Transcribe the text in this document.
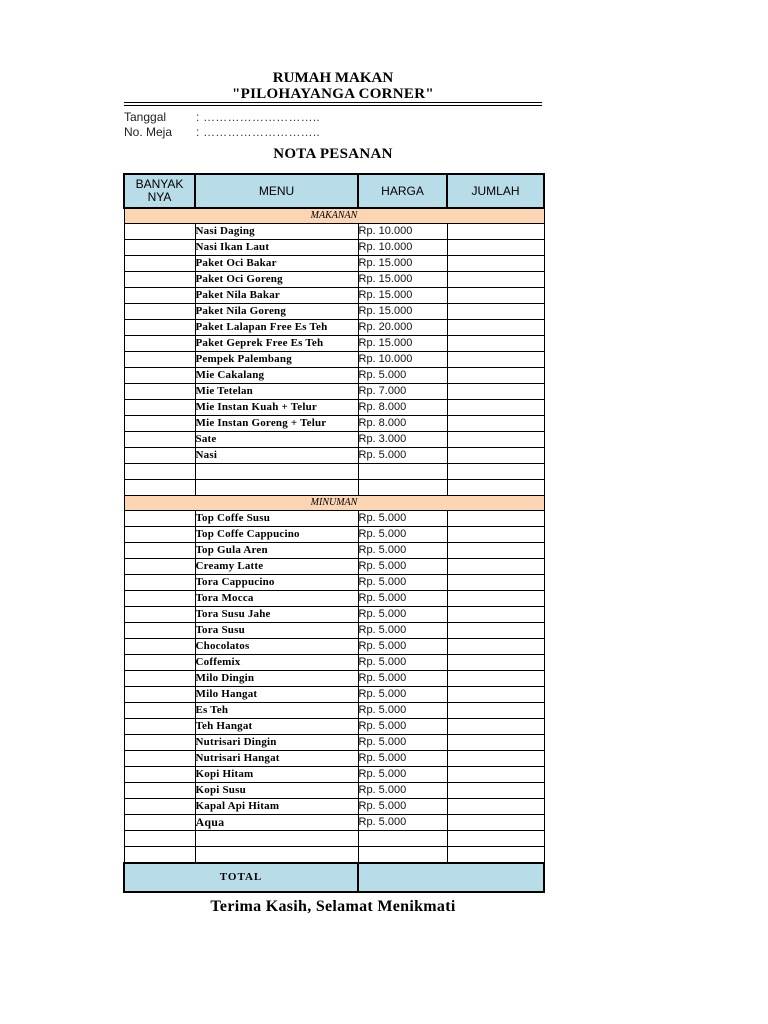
RUMAH MAKAN
"PILOHAYANGA CORNER"
Tanggal : ………………………..
No. Meja : ………………………..
NOTA PESANAN
BANYAK NYA	MENU	HARGA	JUMLAH
MAKANAN			
	Nasi Daging	Rp. 10.000	
	Nasi Ikan Laut	Rp. 10.000	
	Paket Oci Bakar	Rp. 15.000	
	Paket Oci Goreng	Rp. 15.000	
	Paket Nila Bakar	Rp. 15.000	
	Paket Nila Goreng	Rp. 15.000	
	Paket Lalapan Free Es Teh	Rp. 20.000	
	Paket Geprek Free Es Teh	Rp. 15.000	
	Pempek Palembang	Rp. 10.000	
	Mie Cakalang	Rp. 5.000	
	Mie Tetelan	Rp. 7.000	
	Mie Instan Kuah + Telur	Rp. 8.000	
	Mie Instan Goreng + Telur	Rp. 8.000	
	Sate	Rp. 3.000	
	Nasi	Rp. 5.000	

MINUMAN			
	Top Coffe Susu	Rp. 5.000	
	Top Coffe Cappucino	Rp. 5.000	
	Top Gula Aren	Rp. 5.000	
	Creamy Latte	Rp. 5.000	
	Tora Cappucino	Rp. 5.000	
	Tora Mocca	Rp. 5.000	
	Tora Susu Jahe	Rp. 5.000	
	Tora Susu	Rp. 5.000	
	Chocolatos	Rp. 5.000	
	Coffemix	Rp. 5.000	
	Milo Dingin	Rp. 5.000	
	Milo Hangat	Rp. 5.000	
	Es Teh	Rp. 5.000	
	Teh Hangat	Rp. 5.000	
	Nutrisari Dingin	Rp. 5.000	
	Nutrisari Hangat	Rp. 5.000	
	Kopi Hitam	Rp. 5.000	
	Kopi Susu	Rp. 5.000	
	Kapal Api Hitam	Rp. 5.000	
	Aqua	Rp. 5.000	

TOTAL			
Terima Kasih, Selamat Menikmati
